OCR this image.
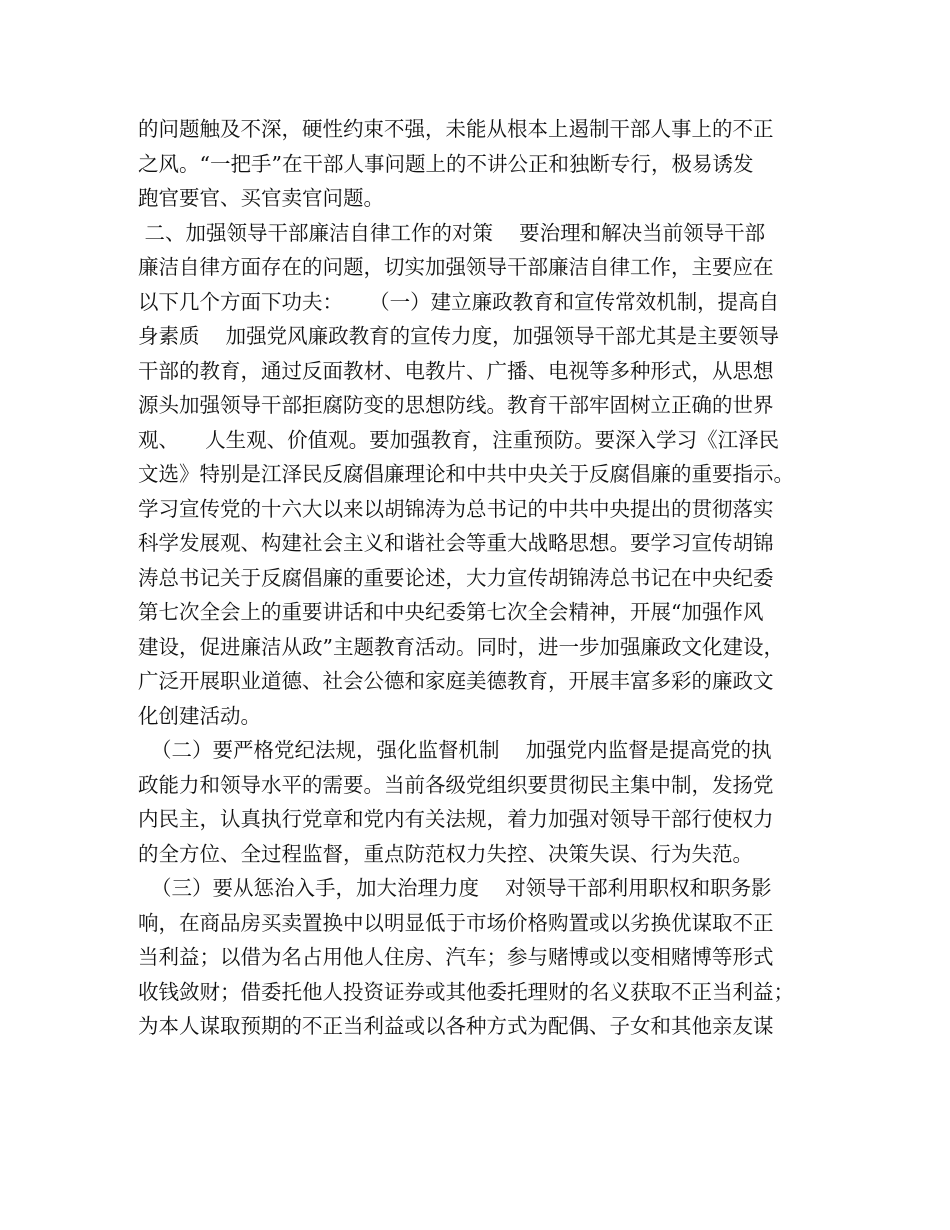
的问题触及不深，硬性约束不强，未能从根本上遏制干部人事上的不正
之风。“一把手”在干部人事问题上的不讲公正和独断专行，极易诱发
跑官要官、买官卖官问题。
二、加强领导干部廉洁自律工作的对策    要治理和解决当前领导干部
廉洁自律方面存在的问题，切实加强领导干部廉洁自律工作，主要应在
以下几个方面下功夫：    （一）建立廉政教育和宣传常效机制，提高自
身素质    加强党风廉政教育的宣传力度，加强领导干部尤其是主要领导
干部的教育，通过反面教材、电教片、广播、电视等多种形式，从思想
源头加强领导干部拒腐防变的思想防线。教育干部牢固树立正确的世界
观、    人生观、价值观。要加强教育，注重预防。要深入学习《江泽民
文选》特别是江泽民反腐倡廉理论和中共中央关于反腐倡廉的重要指示。
学习宣传党的十六大以来以胡锦涛为总书记的中共中央提出的贯彻落实
科学发展观、构建社会主义和谐社会等重大战略思想。要学习宣传胡锦
涛总书记关于反腐倡廉的重要论述，大力宣传胡锦涛总书记在中央纪委
第七次全会上的重要讲话和中央纪委第七次全会精神，开展“加强作风
建设，促进廉洁从政”主题教育活动。同时，进一步加强廉政文化建设，
广泛开展职业道德、社会公德和家庭美德教育，开展丰富多彩的廉政文
化创建活动。
（二）要严格党纪法规，强化监督机制    加强党内监督是提高党的执
政能力和领导水平的需要。当前各级党组织要贯彻民主集中制，发扬党
内民主，认真执行党章和党内有关法规，着力加强对领导干部行使权力
的全方位、全过程监督，重点防范权力失控、决策失误、行为失范。
（三）要从惩治入手，加大治理力度    对领导干部利用职权和职务影
响，在商品房买卖置换中以明显低于市场价格购置或以劣换优谋取不正
当利益；以借为名占用他人住房、汽车；参与赌博或以变相赌博等形式
收钱敛财；借委托他人投资证券或其他委托理财的名义获取不正当利益；
为本人谋取预期的不正当利益或以各种方式为配偶、子女和其他亲友谋
